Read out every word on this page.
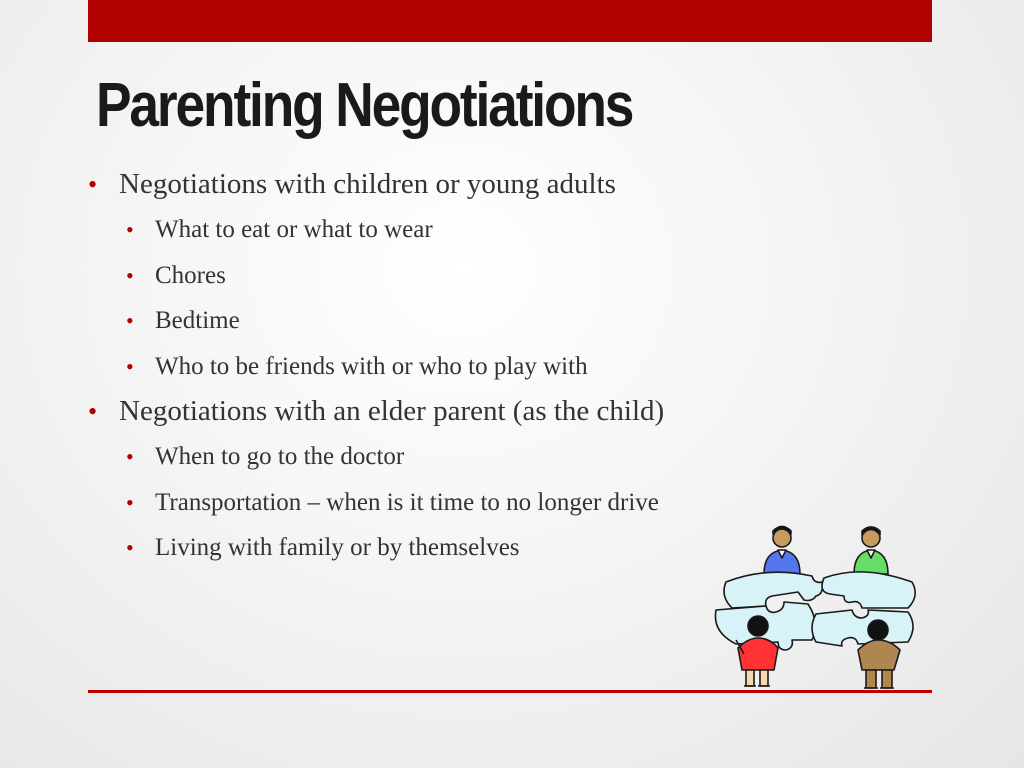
Parenting Negotiations
• Negotiations with children or young adults
• What to eat or what to wear
• Chores
• Bedtime
• Who to be friends with or who to play with
• Negotiations with an elder parent (as the child)
• When to go to the doctor
• Transportation – when is it time to no longer drive
• Living with family or by themselves
